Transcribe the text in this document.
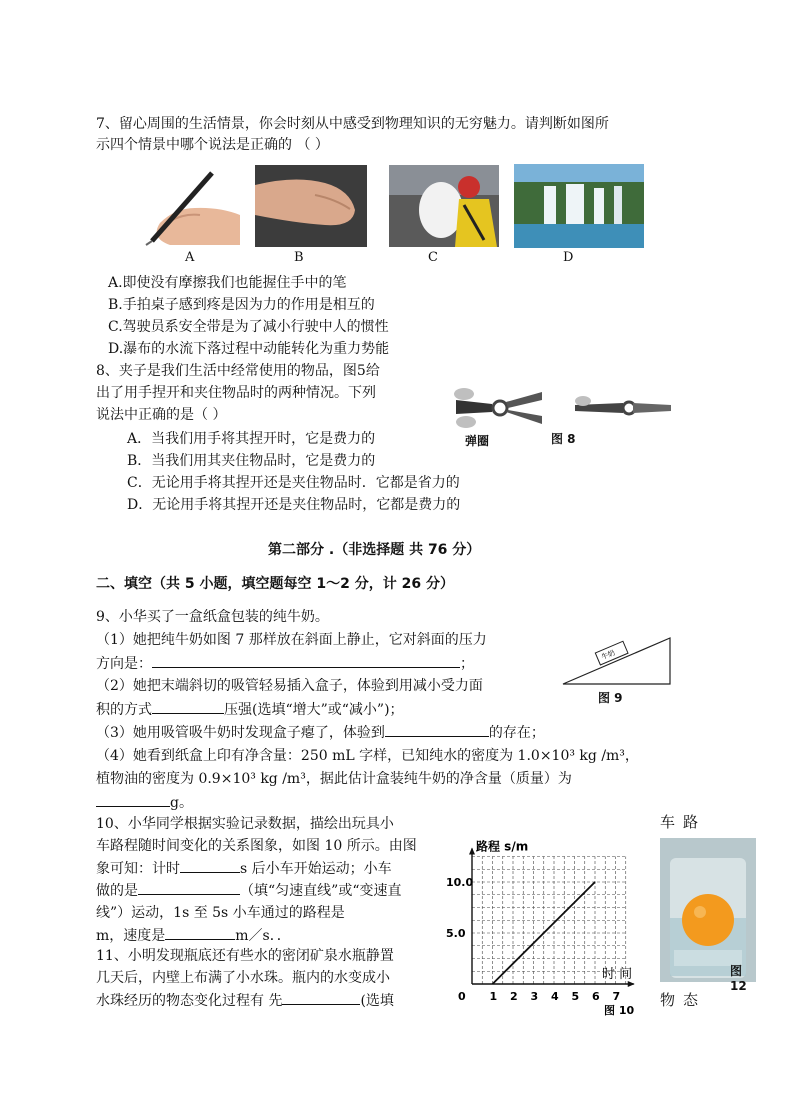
7、留心周围的生活情景，你会时刻从中感受到物理知识的无穷魅力。请判断如图所
示四个情景中哪个说法是正确的 （ ）
A	B	C	D
A.即使没有摩擦我们也能握住手中的笔
B.手拍桌子感到疼是因为力的作用是相互的
C.驾驶员系安全带是为了减小行驶中人的惯性
D.瀑布的水流下落过程中动能转化为重力势能
8、夹子是我们生活中经常使用的物品，图5给
出了用手捏开和夹住物品时的两种情况。下列
说法中正确的是（ ）
弹圈	图 8
A．当我们用手将其捏开时，它是费力的
B．当我们用其夹住物品时，它是费力的
C．无论用手将其捏开还是夹住物品时．它都是省力的
D．无论用手将其捏开还是夹住物品时，它都是费力的
第二部分 .（非选择题 共 76 分）
二、填空（共 5 小题，填空题每空 1～2 分，计 26 分）
9、小华买了一盒纸盒包装的纯牛奶。
（1）她把纯牛奶如图 7 那样放在斜面上静止，它对斜面的压力
方向是：	；
（2）她把末端斜切的吸管轻易插入盒子，体验到用减小受力面
积的方式	压强(选填“增大”或“减小”)；
（3）她用吸管吸牛奶时发现盒子瘪了，体验到	的存在；
（4）她看到纸盒上印有净含量：250 mL 字样，已知纯水的密度为 1.0×10³ kg /m³，
植物油的密度为 0.9×10³ kg /m³，据此估计盒装纯牛奶的净含量（质量）为
g。
牛奶
图 9
10、小华同学根据实验记录数据，描绘出玩具小
车路程随时间变化的关系图象，如图 10 所示。由图
象可知：计时	s 后小车开始运动；小车
做的是	（填“匀速直线”或“变速直
线”）运动，1s 至 5s 小车通过的路程是
m，速度是	m／s．．
11、小明发现瓶底还有些水的密闭矿泉水瓶静置
几天后，内壁上布满了小水珠。瓶内的水变成小
水珠经历的物态变化过程有 先	(选填	1 2 3 4 5 6 7
5.0
10.0
0
路程 s/m
时 间
图 10
车路
物态
图12
